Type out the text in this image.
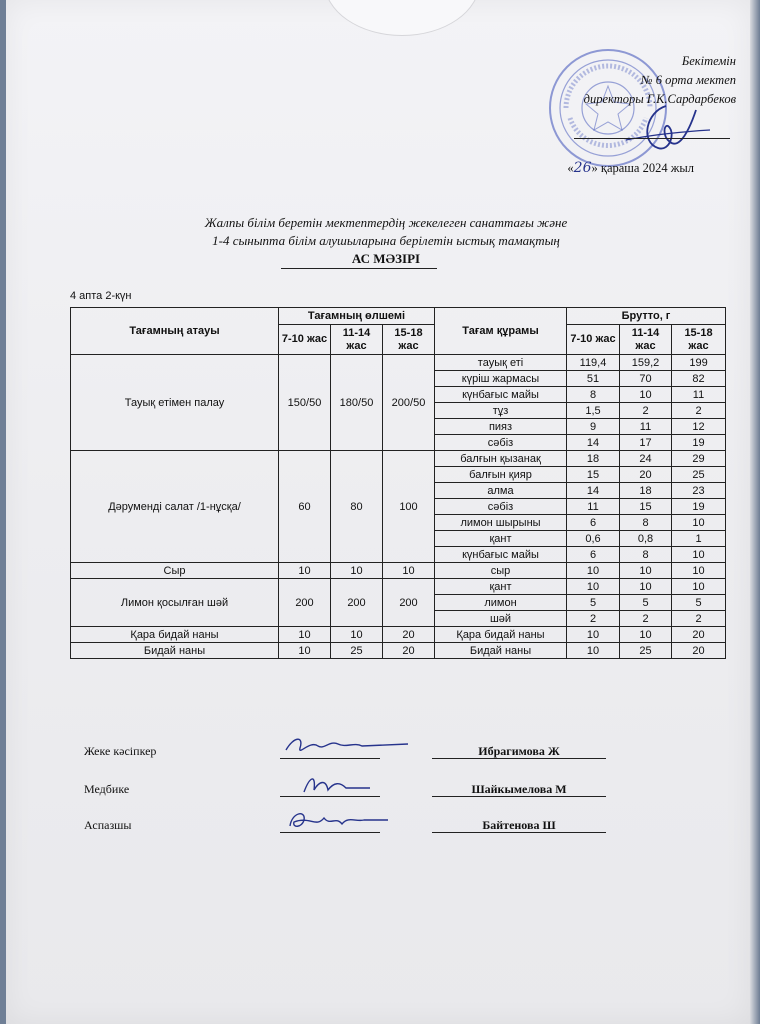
Бекітемін
№ 6 орта мектеп
директоры Г.К.Сардарбеков
«26» қараша 2024 жыл
Жалпы білім беретін мектептердің жекелеген санаттағы және
1-4 сыныпта білім алушыларына берілетін ыстық тамақтың
АС МӘЗІРІ
4 апта 2-күн
Тағамның атауы	Тағамның өлшемі			Тағам құрамы	Брутто, г		
	7-10 жас	11-14 жас	15-18 жас		7-10 жас	11-14 жас	15-18 жас
Тауық етімен палау	150/50	180/50	200/50	тауық еті	119,4	159,2	199
				күріш жармасы	51	70	82
				күнбағыс майы	8	10	11
				тұз	1,5	2	2
				пияз	9	11	12
				сәбіз	14	17	19
Дәруменді салат /1-нұсқа/	60	80	100	балғын қызанақ	18	24	29
				балғын қияр	15	20	25
				алма	14	18	23
				сәбіз	11	15	19
				лимон шырыны	6	8	10
				қант	0,6	0,8	1
				күнбағыс майы	6	8	10
Сыр	10	10	10	сыр	10	10	10
Лимон қосылған шәй	200	200	200	қант	10	10	10
				лимон	5	5	5
				шәй	2	2	2
Қара бидай наны	10	10	20	Қара бидай наны	10	10	20
Бидай наны	10	25	20	Бидай наны	10	25	20
Жеке кәсіпкер	Ибрагимова Ж
Медбике	Шайкымелова М
Аспазшы	Байтенова Ш
